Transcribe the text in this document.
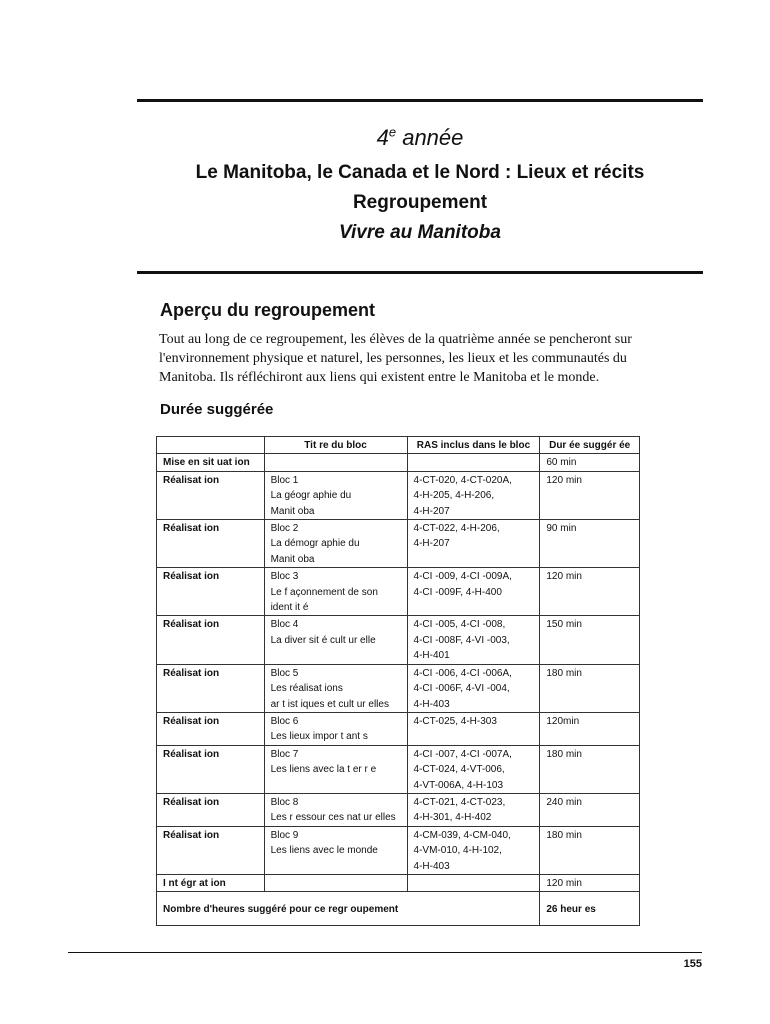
4e année
Le Manitoba, le Canada et le Nord : Lieux et récits
Regroupement
Vivre au Manitoba
Aperçu du regroupement
Tout au long de ce regroupement, les élèves de la quatrième année se pencheront sur
l'environnement physique et naturel, les personnes, les lieux et les communautés du
Manitoba. Ils réfléchiront aux liens qui existent entre le Manitoba et le monde.
Durée suggérée
	Tit re du bloc	RAS inclus dans le bloc	Dur ée suggér ée
Mise en sit uat ion			60 min
Réalisat ion	Bloc 1
La géogr aphie du
Manit oba	4-CT-020, 4-CT-020A,
4-H-205, 4-H-206,
4-H-207	120 min
Réalisat ion	Bloc 2
La démogr aphie du
Manit oba	4-CT-022, 4-H-206,
4-H-207	90 min
Réalisat ion	Bloc 3
Le f açonnement de son
ident it é	4-CI -009, 4-CI -009A,
4-CI -009F, 4-H-400	120 min
Réalisat ion	Bloc 4
La diver sit é cult ur elle	4-CI -005, 4-CI -008,
4-CI -008F, 4-VI -003,
4-H-401	150 min
Réalisat ion	Bloc 5
Les réalisat ions
ar t ist iques et cult ur elles	4-CI -006, 4-CI -006A,
4-CI -006F, 4-VI -004,
4-H-403	180 min
Réalisat ion	Bloc 6
Les lieux impor t ant s	4-CT-025, 4-H-303	120min
Réalisat ion	Bloc 7
Les liens avec la t er r e	4-CI -007, 4-CI -007A,
4-CT-024, 4-VT-006,
4-VT-006A, 4-H-103	180 min
Réalisat ion	Bloc 8
Les r essour ces nat ur elles	4-CT-021, 4-CT-023,
4-H-301, 4-H-402	240 min
Réalisat ion	Bloc 9
Les liens avec le monde	4-CM-039, 4-CM-040,
4-VM-010, 4-H-102,
4-H-403	180 min
I nt égr at ion			120 min
Nombre d'heures suggéré pour ce regr oupement			26 heur es
155
